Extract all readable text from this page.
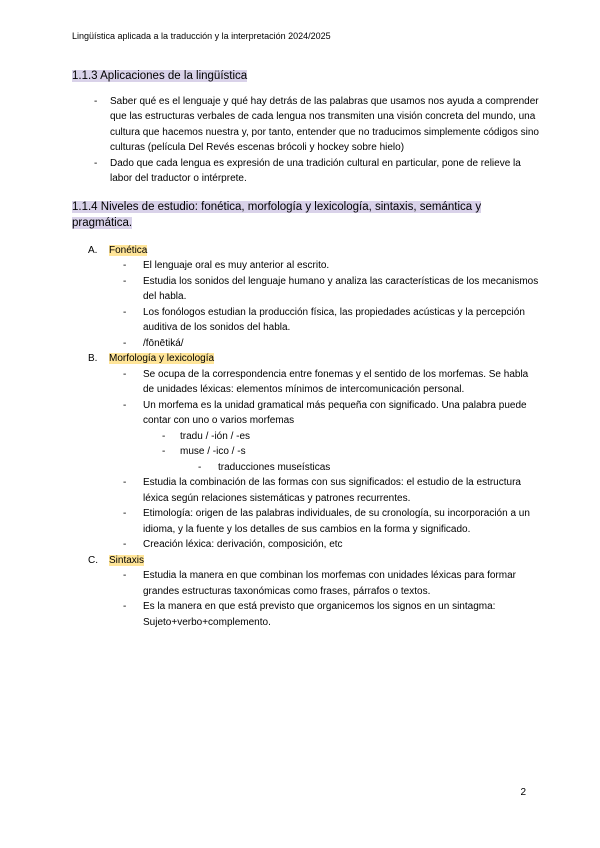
Lingüística aplicada a la traducción y la interpretación 2024/2025
1.1.3 Aplicaciones de la lingüística
-	Saber qué es el lenguaje y qué hay detrás de las palabras que usamos nos ayuda a comprender que las estructuras verbales de cada lengua nos transmiten una visión concreta del mundo, una cultura que hacemos nuestra y, por tanto, entender que no traducimos simplemente códigos sino culturas (película Del Revés escenas brócoli y hockey sobre hielo)
-	Dado que cada lengua es expresión de una tradición cultural en particular, pone de relieve la labor del traductor o intérprete.
1.1.4 Niveles de estudio: fonética, morfología y lexicología, sintaxis, semántica y pragmática.
A.	Fonética
-	El lenguaje oral es muy anterior al escrito.
-	Estudia los sonidos del lenguaje humano y analiza las características de los mecanismos del habla.
-	Los fonólogos estudian la producción física, las propiedades acústicas y la percepción auditiva de los sonidos del habla.
-	/fōnētiká/
B.	Morfología y lexicología
-	Se ocupa de la correspondencia entre fonemas y el sentido de los morfemas. Se habla de unidades léxicas: elementos mínimos de intercomunicación personal.
-	Un morfema es la unidad gramatical más pequeña con significado. Una palabra puede contar con uno o varios morfemas
-	tradu / -ión / -es
-	muse / -ico / -s
-	traducciones museísticas
-	Estudia la combinación de las formas con sus significados: el estudio de la estructura léxica según relaciones sistemáticas y patrones recurrentes.
-	Etimología: origen de las palabras individuales, de su cronología, su incorporación a un idioma, y la fuente y los detalles de sus cambios en la forma y significado.
-	Creación léxica: derivación, composición, etc
C.	Sintaxis
-	Estudia la manera en que combinan los morfemas con unidades léxicas para formar grandes estructuras taxonómicas como frases, párrafos o textos.
-	Es la manera en que está previsto que organicemos los signos en un sintagma: Sujeto+verbo+complemento.
2
